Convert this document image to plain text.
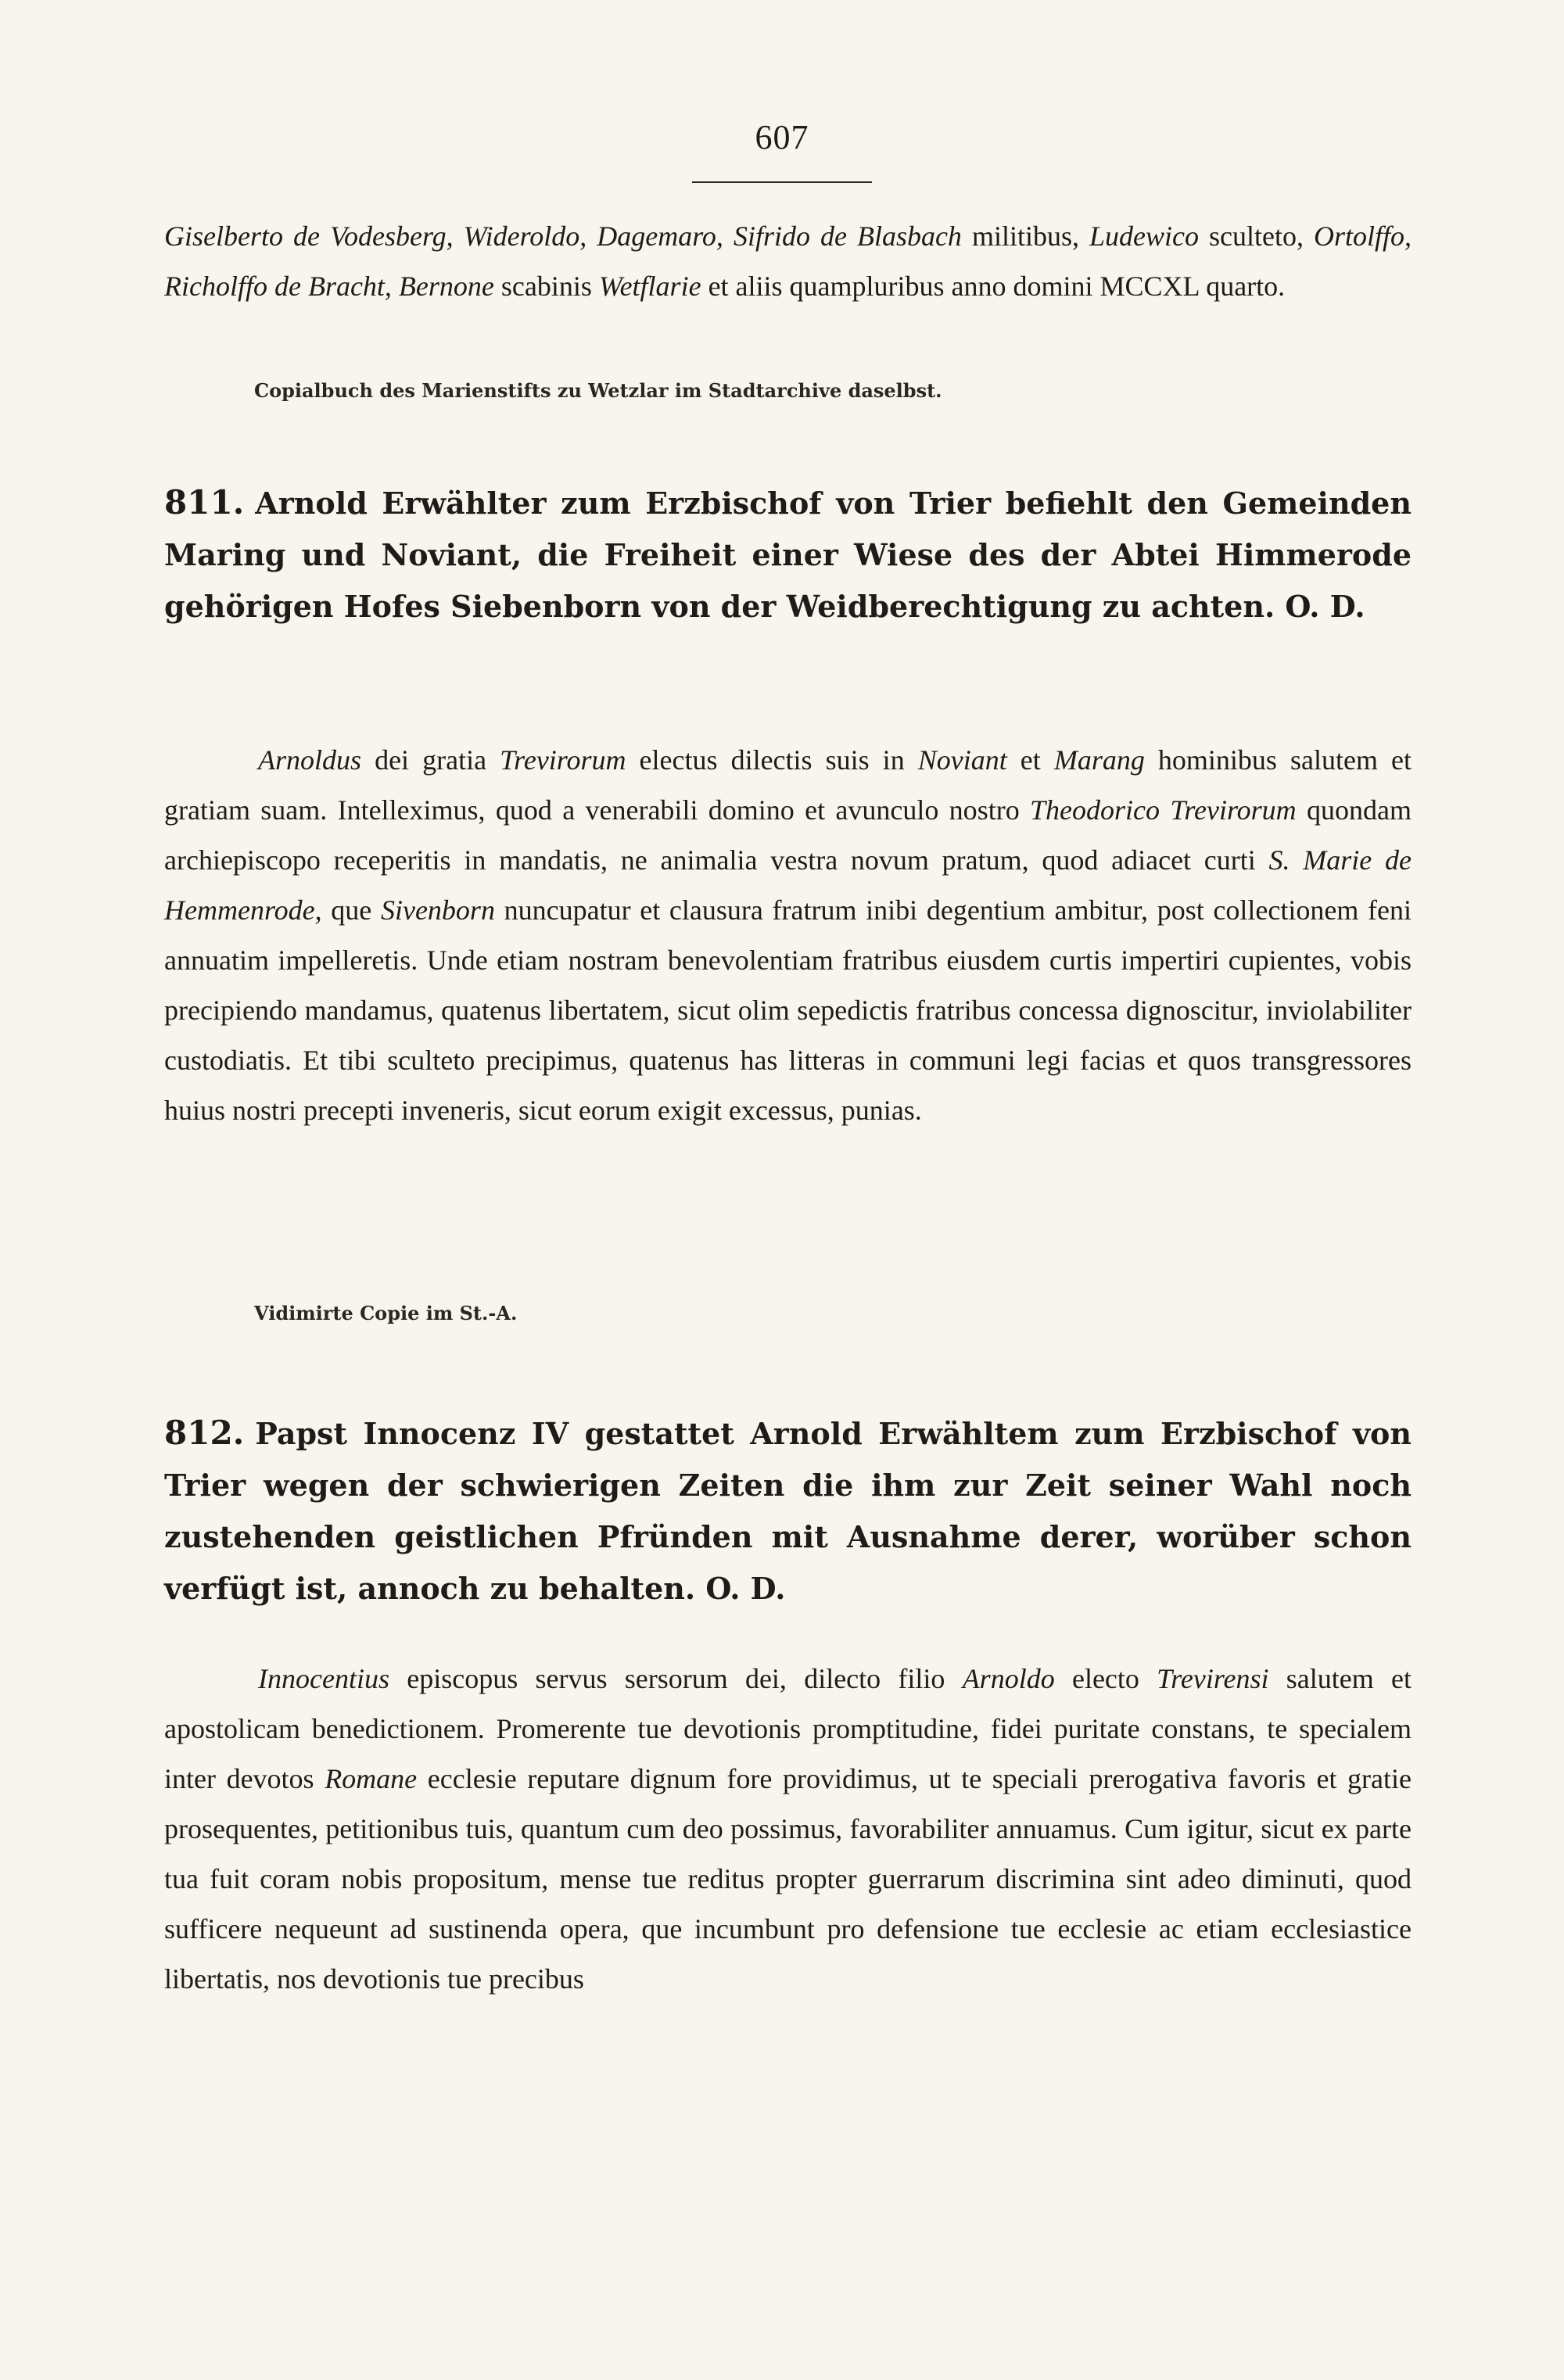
607

Giselberto de Vodesberg, Wideroldo, Dagemaro, Sifrido de Blasbach militibus, Ludewico sculteto, Ortolffo, Richolffo de Bracht, Bernone scabinis Wetflarie et aliis quampluribus anno domini MCCXL quarto.

Copialbuch des Marienstifts zu Wetzlar im Stadtarchive daselbst.

811. Arnold Erwählter zum Erzbischof von Trier befiehlt den Gemeinden Maring und Noviant, die Freiheit einer Wiese des der Abtei Himmerode gehörigen Hofes Siebenborn von der Weidberechtigung zu achten. O. D.

Arnoldus dei gratia Trevirorum electus dilectis suis in Noviant et Marang hominibus salutem et gratiam suam. Intelleximus, quod a venerabili domino et avunculo nostro Theodorico Trevirorum quondam archiepiscopo receperitis in mandatis, ne animalia vestra novum pratum, quod adiacet curti S. Marie de Hemmenrode, que Sivenborn nuncupatur et clausura fratrum inibi degentium ambitur, post collectionem feni annuatim impelleretis. Unde etiam nostram benevolentiam fratribus eiusdem curtis impertiri cupientes, vobis precipiendo mandamus, quatenus libertatem, sicut olim sepedictis fratribus concessa dignoscitur, inviolabiliter custodiatis. Et tibi sculteto precipimus, quatenus has litteras in communi legi facias et quos transgressores huius nostri precepti inveneris, sicut eorum exigit excessus, punias.

Vidimirte Copie im St.-A.

812. Papst Innocenz IV gestattet Arnold Erwähltem zum Erzbischof von Trier wegen der schwierigen Zeiten die ihm zur Zeit seiner Wahl noch zustehenden geistlichen Pfründen mit Ausnahme derer, worüber schon verfügt ist, annoch zu behalten. O. D.

Innocentius episcopus servus sersorum dei, dilecto filio Arnoldo electo Trevirensi salutem et apostolicam benedictionem. Promerente tue devotionis promptitudine, fidei puritate constans, te specialem inter devotos Romane ecclesie reputare dignum fore providimus, ut te speciali prerogativa favoris et gratie prosequentes, petitionibus tuis, quantum cum deo possimus, favorabiliter annuamus. Cum igitur, sicut ex parte tua fuit coram nobis propositum, mense tue reditus propter guerrarum discrimina sint adeo diminuti, quod sufficere nequeunt ad sustinenda opera, que incumbunt pro defensione tue ecclesie ac etiam ecclesiastice libertatis, nos devotionis tue precibus
